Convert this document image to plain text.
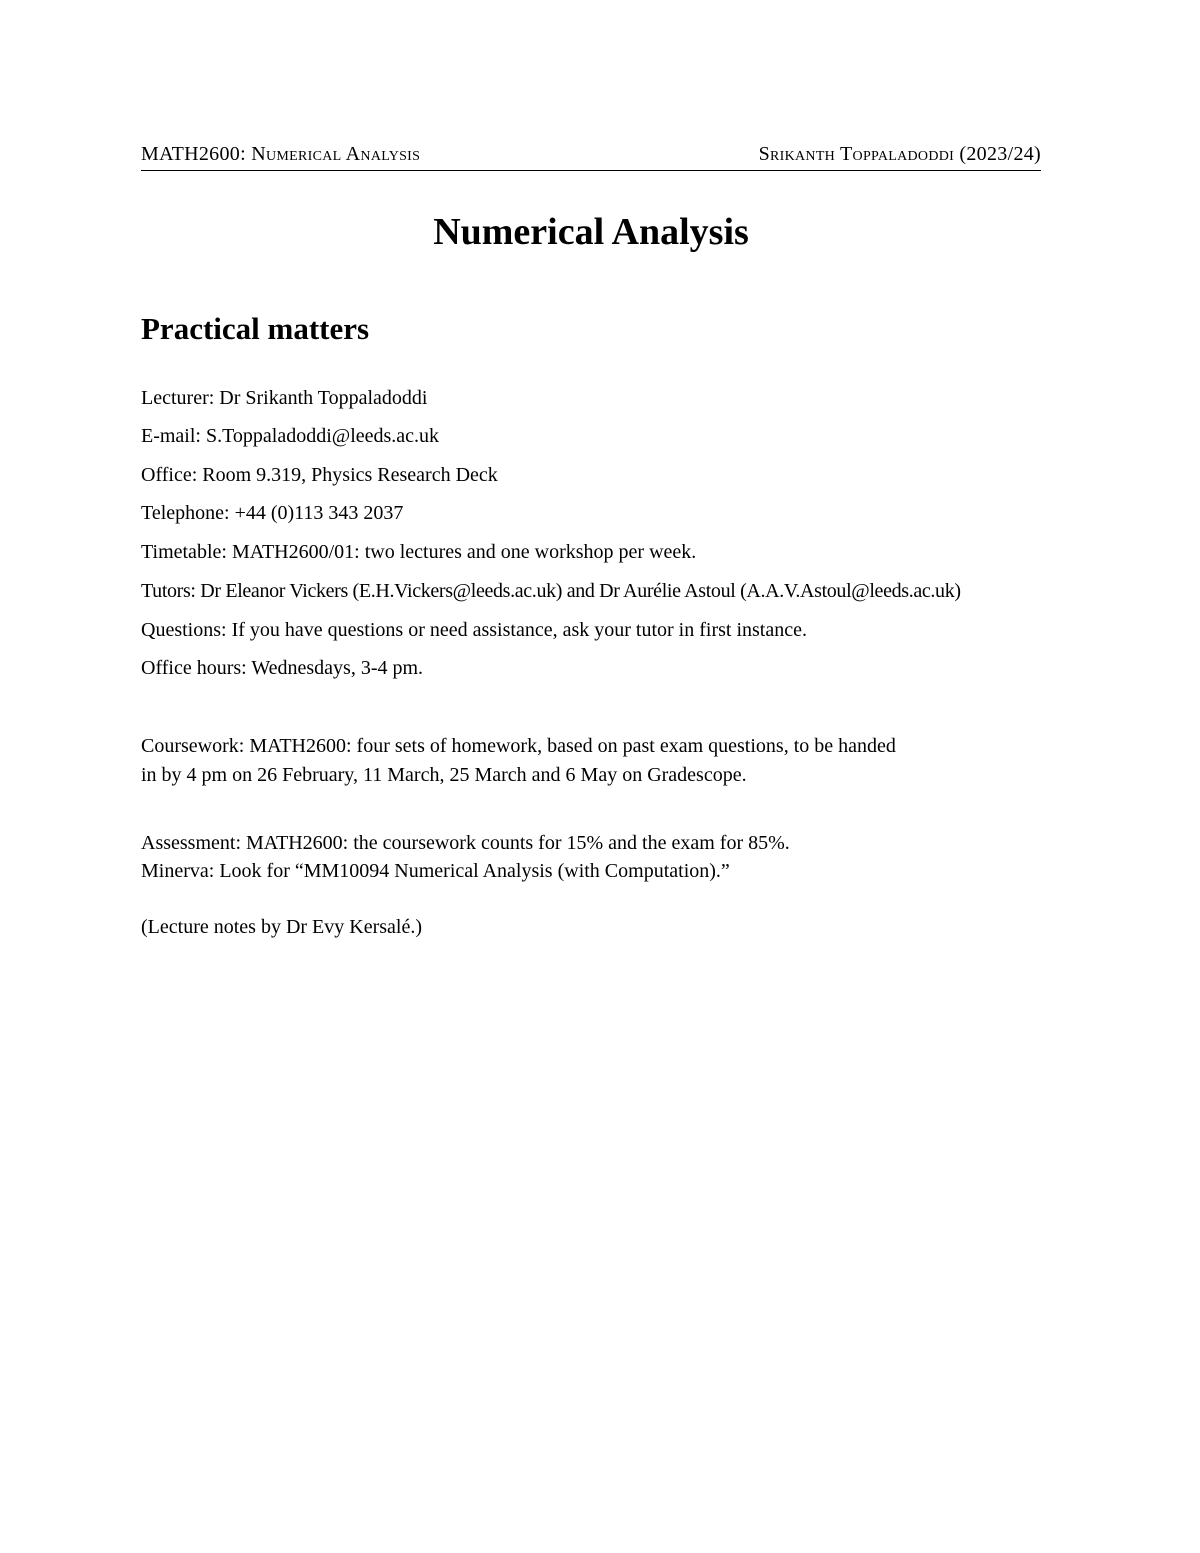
MATH2600: Numerical Analysis	Srikanth Toppaladoddi (2023/24)
Numerical Analysis
Practical matters
Lecturer: Dr Srikanth Toppaladoddi
E-mail: S.Toppaladoddi@leeds.ac.uk
Office: Room 9.319, Physics Research Deck
Telephone: +44 (0)113 343 2037
Timetable: MATH2600/01: two lectures and one workshop per week.
Tutors: Dr Eleanor Vickers (E.H.Vickers@leeds.ac.uk) and Dr Aurélie Astoul (A.A.V.Astoul@leeds.ac.uk)
Questions: If you have questions or need assistance, ask your tutor in first instance.
Office hours: Wednesdays, 3-4 pm.
Coursework: MATH2600: four sets of homework, based on past exam questions, to be handed
in by 4 pm on 26 February, 11 March, 25 March and 6 May on Gradescope.
Assessment: MATH2600: the coursework counts for 15% and the exam for 85%.
Minerva: Look for “MM10094 Numerical Analysis (with Computation).”
(Lecture notes by Dr Evy Kersalé.)
